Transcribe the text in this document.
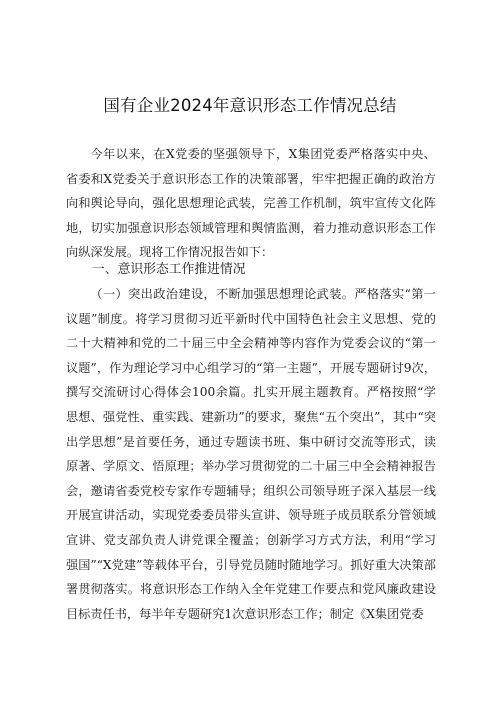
国有企业2024年意识形态工作情况总结

今年以来，在X党委的坚强领导下，X集团党委严格落实中央、省委和X党委关于意识形态工作的决策部署，牢牢把握正确的政治方向和舆论导向，强化思想理论武装，完善工作机制，筑牢宣传文化阵地，切实加强意识形态领域管理和舆情监测，着力推动意识形态工作向纵深发展。现将工作情况报告如下：

一、意识形态工作推进情况

（一）突出政治建设，不断加强思想理论武装。严格落实“第一议题”制度。将学习贯彻习近平新时代中国特色社会主义思想、党的二十大精神和党的二十届三中全会精神等内容作为党委会议的“第一议题”，作为理论学习中心组学习的“第一主题”，开展专题研讨9次，撰写交流研讨心得体会100余篇。扎实开展主题教育。严格按照“学思想、强党性、重实践、建新功”的要求，聚焦“五个突出”，其中“突出学思想”是首要任务，通过专题读书班、集中研讨交流等形式，读原著、学原文、悟原理；举办学习贯彻党的二十届三中全会精神报告会，邀请省委党校专家作专题辅导；组织公司领导班子深入基层一线开展宣讲活动，实现党委委员带头宣讲、领导班子成员联系分管领域宣讲、党支部负责人讲党课全覆盖；创新学习方式方法，利用“学习强国”“X党建”等载体平台，引导党员随时随地学习。抓好重大决策部署贯彻落实。将意识形态工作纳入全年党建工作要点和党风廉政建设目标责任书，每半年专题研究1次意识形态工作；制定《X集团党委
